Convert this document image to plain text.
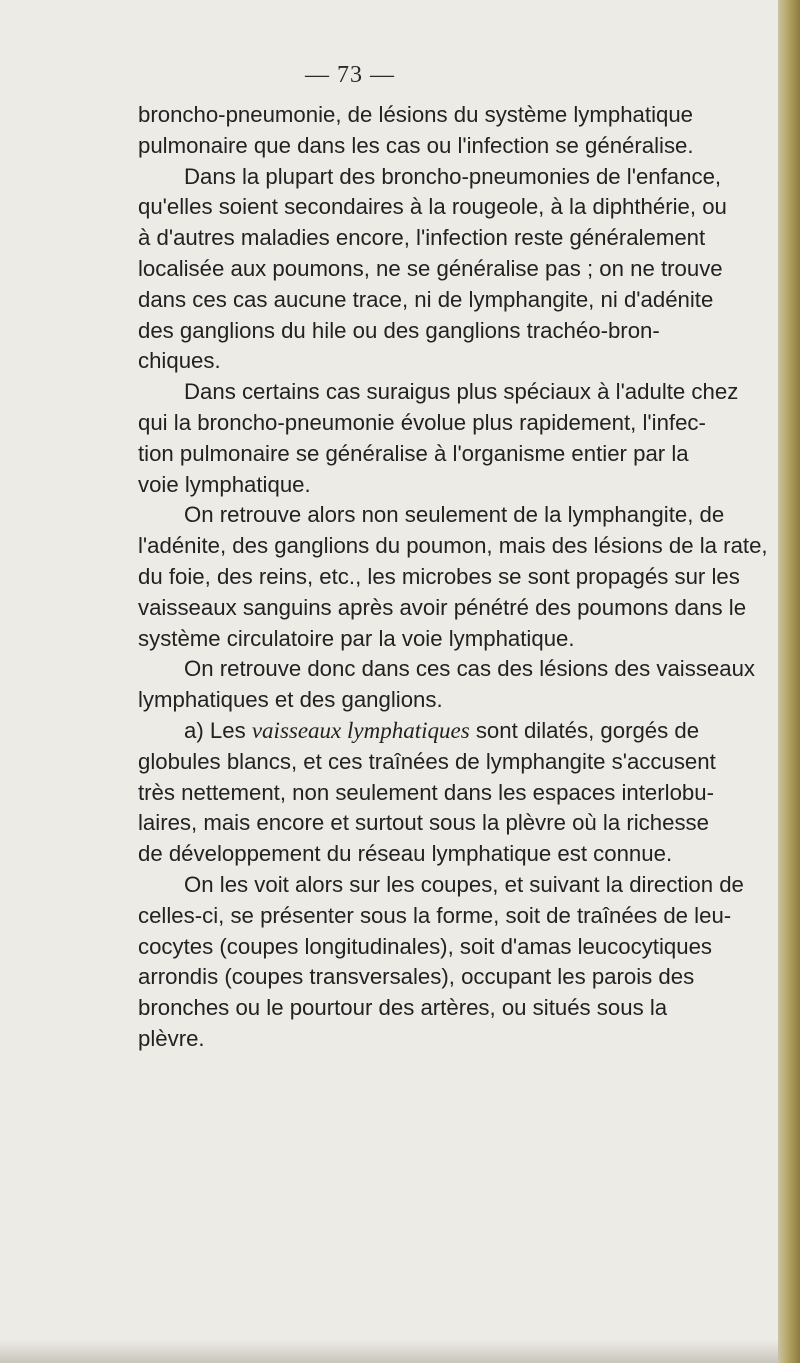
— 73 —
broncho-pneumonie, de lésions du système lymphatique
pulmonaire que dans les cas ou l'infection se généralise.
Dans la plupart des broncho-pneumonies de l'enfance,
qu'elles soient secondaires à la rougeole, à la diphthérie, ou
à d'autres maladies encore, l'infection reste généralement
localisée aux poumons, ne se généralise pas ; on ne trouve
dans ces cas aucune trace, ni de lymphangite, ni d'adénite
des ganglions du hile ou des ganglions trachéo-bron-
chiques.
Dans certains cas suraigus plus spéciaux à l'adulte chez
qui la broncho-pneumonie évolue plus rapidement, l'infec-
tion pulmonaire se généralise à l'organisme entier par la
voie lymphatique.
On retrouve alors non seulement de la lymphangite, de
l'adénite, des ganglions du poumon, mais des lésions de la rate,
du foie, des reins, etc., les microbes se sont propagés sur les
vaisseaux sanguins après avoir pénétré des poumons dans le
système circulatoire par la voie lymphatique.
On retrouve donc dans ces cas des lésions des vaisseaux
lymphatiques et des ganglions.
a) Les vaisseaux lymphatiques sont dilatés, gorgés de
globules blancs, et ces traînées de lymphangite s'accusent
très nettement, non seulement dans les espaces interlobu-
laires, mais encore et surtout sous la plèvre où la richesse
de développement du réseau lymphatique est connue.
On les voit alors sur les coupes, et suivant la direction de
celles-ci, se présenter sous la forme, soit de traînées de leu-
cocytes (coupes longitudinales), soit d'amas leucocytiques
arrondis (coupes transversales), occupant les parois des
bronches ou le pourtour des artères, ou situés sous la
plèvre.
